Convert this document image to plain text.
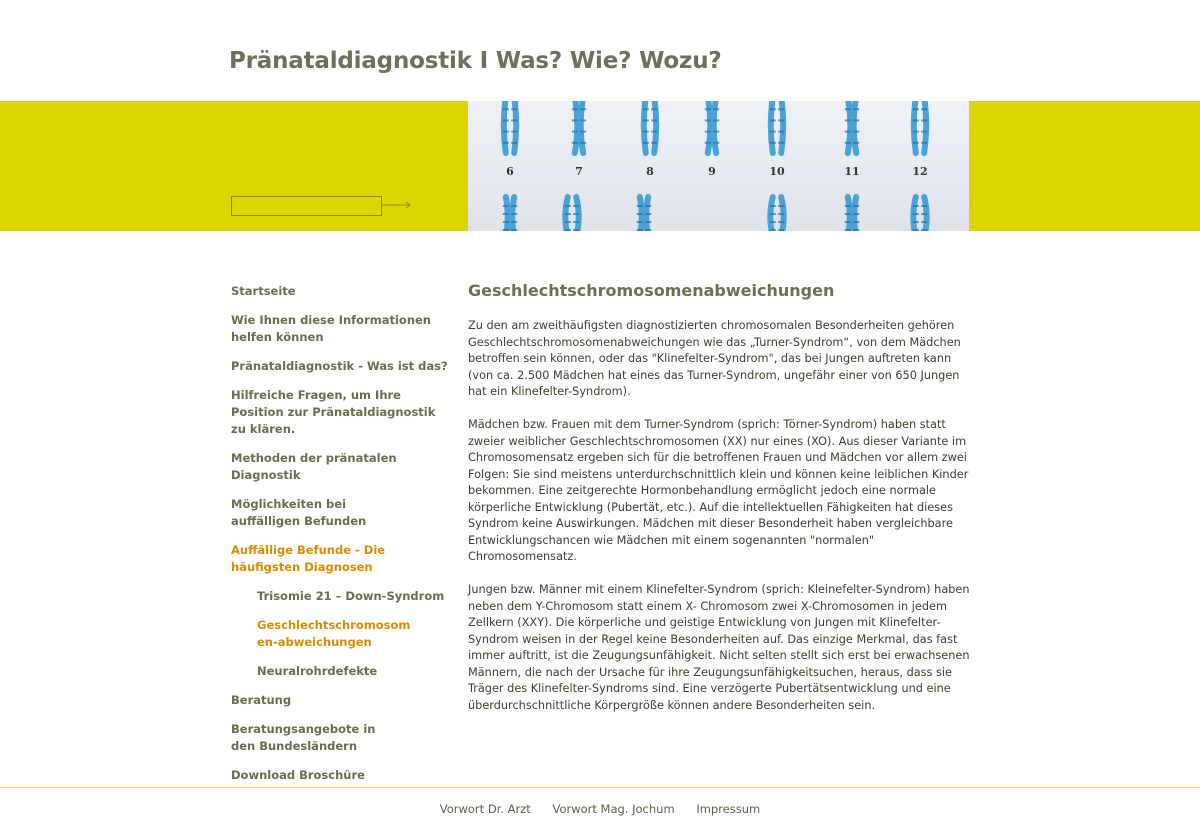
Pränataldiagnostik I Was? Wie? Wozu?
6	7	8	9	10	11	12
Startseite
Wie Ihnen diese Informationen helfen können
Pränataldiagnostik - Was ist das?
Hilfreiche Fragen, um Ihre Position zur Pränataldiagnostik zu klären.
Methoden der pränatalen Diagnostik
Möglichkeiten bei auffälligen Befunden
Auffällige Befunde - Die häufigsten Diagnosen
Trisomie 21 – Down-Syndrom
Geschlechtschromosomen-abweichungen
Neuralrohrdefekte
Beratung
Beratungsangebote in den Bundesländern
Download Broschüre
Geschlechtschromosomenabweichungen

Zu den am zweithäufigsten diagnostizierten chromosomalen Besonderheiten gehören Geschlechtschromosomenabweichungen wie das „Turner-Syndrom“, von dem Mädchen betroffen sein können, oder das "Klinefelter-Syndrom", das bei Jungen auftreten kann (von ca. 2.500 Mädchen hat eines das Turner-Syndrom, ungefähr einer von 650 Jungen hat ein Klinefelter-Syndrom).

Mädchen bzw. Frauen mit dem Turner-Syndrom (sprich: Törner-Syndrom) haben statt zweier weiblicher Geschlechtschromosomen (XX) nur eines (XO). Aus dieser Variante im Chromosomensatz ergeben sich für die betroffenen Frauen und Mädchen vor allem zwei Folgen: Sie sind meistens unterdurchschnittlich klein und können keine leiblichen Kinder bekommen. Eine zeitgerechte Hormonbehandlung ermöglicht jedoch eine normale körperliche Entwicklung (Pubertät, etc.). Auf die intellektuellen Fähigkeiten hat dieses Syndrom keine Auswirkungen. Mädchen mit dieser Besonderheit haben vergleichbare Entwicklungschancen wie Mädchen mit einem sogenannten "normalen" Chromosomensatz.

Jungen bzw. Männer mit einem Klinefelter-Syndrom (sprich: Kleinefelter-Syndrom) haben neben dem Y-Chromosom statt einem X- Chromosom zwei X-Chromosomen in jedem Zellkern (XXY). Die körperliche und geistige Entwicklung von Jungen mit Klinefelter-Syndrom weisen in der Regel keine Besonderheiten auf. Das einzige Merkmal, das fast immer auftritt, ist die Zeugungsunfähigkeit. Nicht selten stellt sich erst bei erwachsenen Männern, die nach der Ursache für ihre Zeugungsunfähigkeitsuchen, heraus, dass sie Träger des Klinefelter-Syndroms sind. Eine verzögerte Pubertätsentwicklung und eine überdurchschnittliche Körpergröße können andere Besonderheiten sein.

Vorwort Dr. Arzt Vorwort Mag. Jochum Impressum
